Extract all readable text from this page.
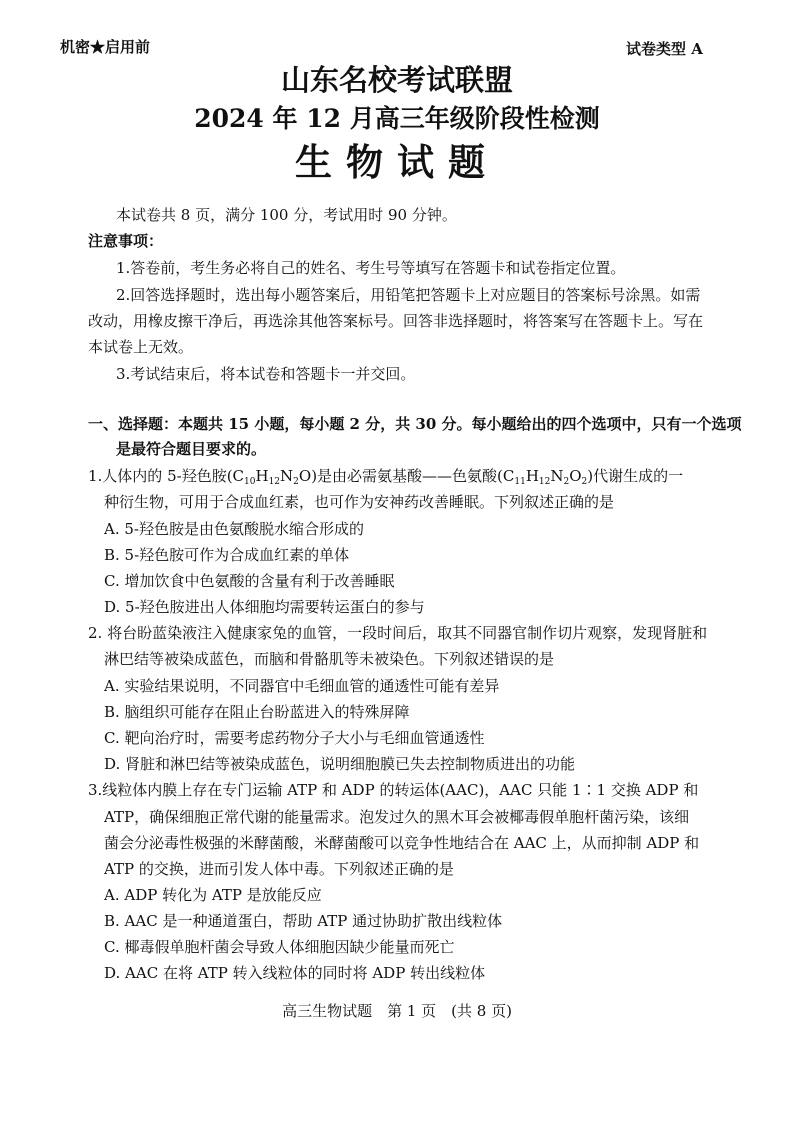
机密★启用前	试卷类型 A
山东名校考试联盟
2024 年 12 月高三年级阶段性检测
生物试题
本试卷共 8 页，满分 100 分，考试用时 90 分钟。
注意事项：
1.答卷前，考生务必将自己的姓名、考生号等填写在答题卡和试卷指定位置。
2.回答选择题时，选出每小题答案后，用铅笔把答题卡上对应题目的答案标号涂黑。如需
改动，用橡皮擦干净后，再选涂其他答案标号。回答非选择题时，将答案写在答题卡上。写在
本试卷上无效。
3.考试结束后，将本试卷和答题卡一并交回。
一、选择题：本题共 15 小题，每小题 2 分，共 30 分。每小题给出的四个选项中，只有一个选项
是最符合题目要求的。
1.人体内的 5-羟色胺$(C_{10}H_{12}N_2O)$是由必需氨基酸——色氨酸$(C_{11}H_{12}N_2O_2)$代谢生成的一
种衍生物，可用于合成血红素，也可作为安神药改善睡眠。下列叙述正确的是
A. 5-羟色胺是由色氨酸脱水缩合形成的
B. 5-羟色胺可作为合成血红素的单体
C. 增加饮食中色氨酸的含量有利于改善睡眠
D. 5-羟色胺进出人体细胞均需要转运蛋白的参与
2. 将台盼蓝染液注入健康家兔的血管，一段时间后，取其不同器官制作切片观察，发现肾脏和
淋巴结等被染成蓝色，而脑和骨骼肌等未被染色。下列叙述错误的是
A. 实验结果说明，不同器官中毛细血管的通透性可能有差异
B. 脑组织可能存在阻止台盼蓝进入的特殊屏障
C. 靶向治疗时，需要考虑药物分子大小与毛细血管通透性
D. 肾脏和淋巴结等被染成蓝色，说明细胞膜已失去控制物质进出的功能
3.线粒体内膜上存在专门运输 ATP 和 ADP 的转运体(AAC)，AAC 只能 1∶1 交换 ADP 和
ATP，确保细胞正常代谢的能量需求。泡发过久的黑木耳会被椰毒假单胞杆菌污染，该细
菌会分泌毒性极强的米酵菌酸，米酵菌酸可以竞争性地结合在 AAC 上，从而抑制 ADP 和
ATP 的交换，进而引发人体中毒。下列叙述正确的是
A. ADP 转化为 ATP 是放能反应
B. AAC 是一种通道蛋白，帮助 ATP 通过协助扩散出线粒体
C. 椰毒假单胞杆菌会导致人体细胞因缺少能量而死亡
D. AAC 在将 ATP 转入线粒体的同时将 ADP 转出线粒体
高三生物试题　第 1 页　(共 8 页)
